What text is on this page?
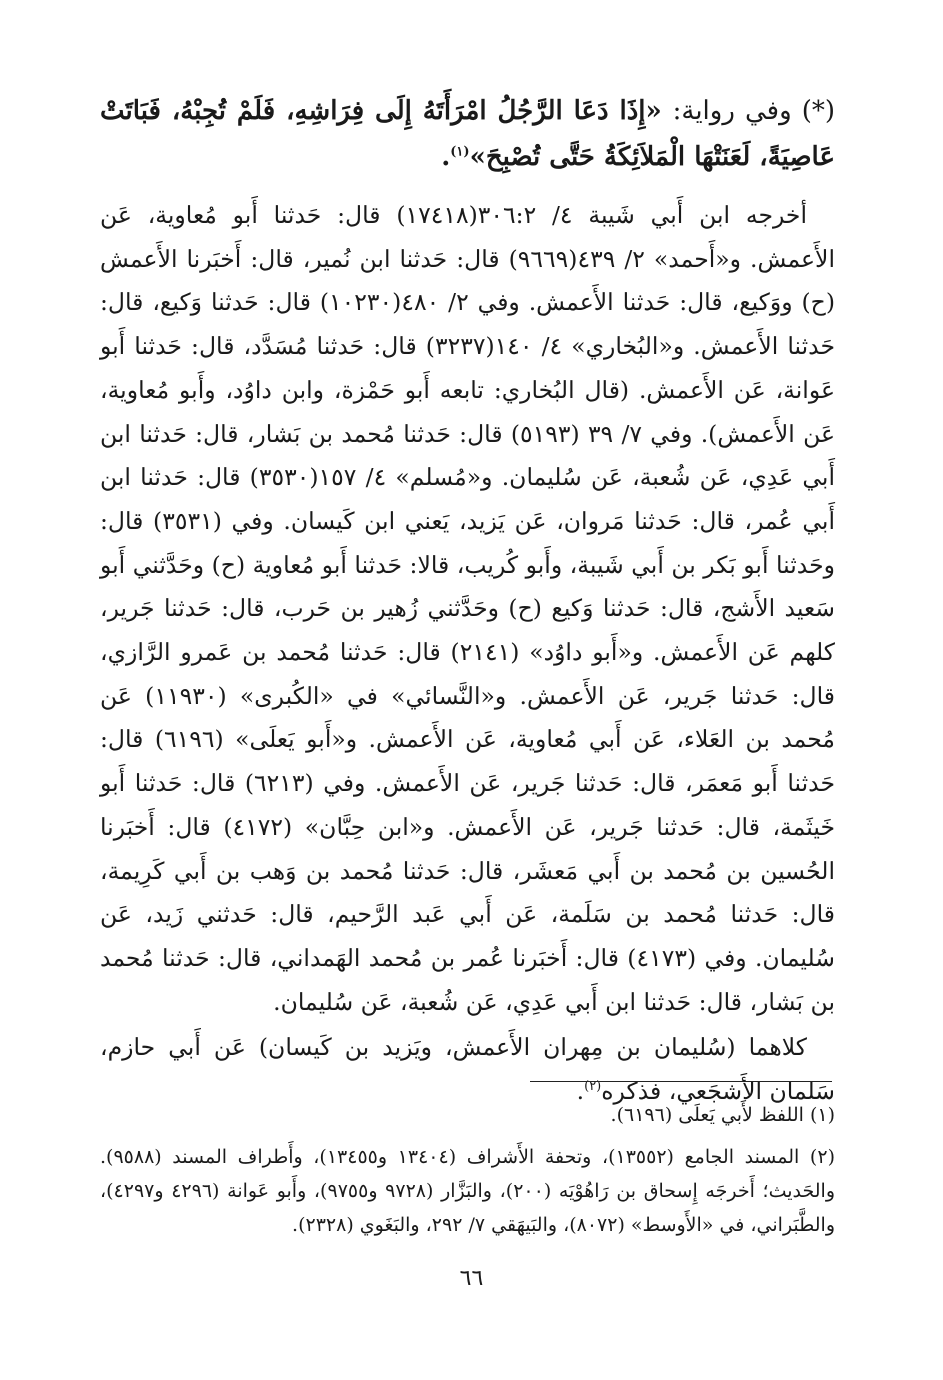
(*) وفي رواية: «إِذَا دَعَا الرَّجُلُ امْرَأَتَهُ إِلَى فِرَاشِهِ، فَلَمْ تُجِبْهُ، فَبَاتَتْ عَاصِيَةً، لَعَنَتْهَا الْمَلاَئِكَةُ حَتَّى تُصْبِحَ»$^{(١)}$.

أخرجه ابن أَبي شَيبة ٤/ ٣٠٦:٢(١٧٤١٨) قال: حَدثنا أَبو مُعاوية، عَن الأَعمش. و«أَحمد» ٢/ ٤٣٩(٩٦٦٩) قال: حَدثنا ابن نُمير، قال: أَخبَرنا الأَعمش (ح) ووَكيع، قال: حَدثنا الأَعمش. وفي ٢/ ٤٨٠(١٠٢٣٠) قال: حَدثنا وَكيع، قال: حَدثنا الأَعمش. و«البُخاري» ٤/ ١٤٠(٣٢٣٧) قال: حَدثنا مُسَدَّد، قال: حَدثنا أَبو عَوانة، عَن الأَعمش. (قال البُخاري: تابعه أَبو حَمْزة، وابن داوُد، وأَبو مُعاوية، عَن الأَعمش). وفي ٧/ ٣٩ (٥١٩٣) قال: حَدثنا مُحمد بن بَشار، قال: حَدثنا ابن أَبي عَدِي، عَن شُعبة، عَن سُليمان. و«مُسلم» ٤/ ١٥٧(٣٥٣٠) قال: حَدثنا ابن أَبي عُمر، قال: حَدثنا مَروان، عَن يَزيد، يَعني ابن كَيسان. وفي (٣٥٣١) قال: وحَدثنا أَبو بَكر بن أَبي شَيبة، وأَبو كُريب، قالا: حَدثنا أَبو مُعاوية (ح) وحَدَّثني أَبو سَعيد الأَشج، قال: حَدثنا وَكيع (ح) وحَدَّثني زُهير بن حَرب، قال: حَدثنا جَرير، كلهم عَن الأَعمش. و«أَبو داوُد» (٢١٤١) قال: حَدثنا مُحمد بن عَمرو الرَّازي، قال: حَدثنا جَرير، عَن الأَعمش. و«النَّسائي» في «الكُبرى» (١١٩٣٠) عَن مُحمد بن العَلاء، عَن أَبي مُعاوية، عَن الأَعمش. و«أَبو يَعلَى» (٦١٩٦) قال: حَدثنا أَبو مَعمَر، قال: حَدثنا جَرير، عَن الأَعمش. وفي (٦٢١٣) قال: حَدثنا أَبو خَيثَمة، قال: حَدثنا جَرير، عَن الأَعمش. و«ابن حِبَّان» (٤١٧٢) قال: أَخبَرنا الحُسين بن مُحمد بن أَبي مَعشَر، قال: حَدثنا مُحمد بن وَهب بن أَبي كَرِيمة، قال: حَدثنا مُحمد بن سَلَمة، عَن أَبي عَبد الرَّحيم، قال: حَدثني زَيد، عَن سُليمان. وفي (٤١٧٣) قال: أَخبَرنا عُمر بن مُحمد الهَمداني، قال: حَدثنا مُحمد بن بَشار، قال: حَدثنا ابن أَبي عَدِي، عَن شُعبة، عَن سُليمان.

كلاهما (سُليمان بن مِهران الأَعمش، ويَزيد بن كَيسان) عَن أَبي حازم، سَلمان الأَشجَعي، فذكره$^{(٢)}$.

(١) اللفظ لأَبي يَعلَى (٦١٩٦).

(٢) المسند الجامع (١٣٥٥٢)، وتحفة الأَشراف (١٣٤٠٤ و١٣٤٥٥)، وأَطراف المسند (٩٥٨٨). والحَديث؛ أَخرجَه إِسحاق بن رَاهُوْيَه (٢٠٠)، والبَزَّار (٩٧٢٨ و٩٧٥٥)، وأَبو عَوانة (٤٢٩٦ و٤٢٩٧)، والطَّبَراني، في «الأَوسط» (٨٠٧٢)، والبَيهَقي ٧/ ٢٩٢، والبَغَوي (٢٣٢٨).

٦٦
